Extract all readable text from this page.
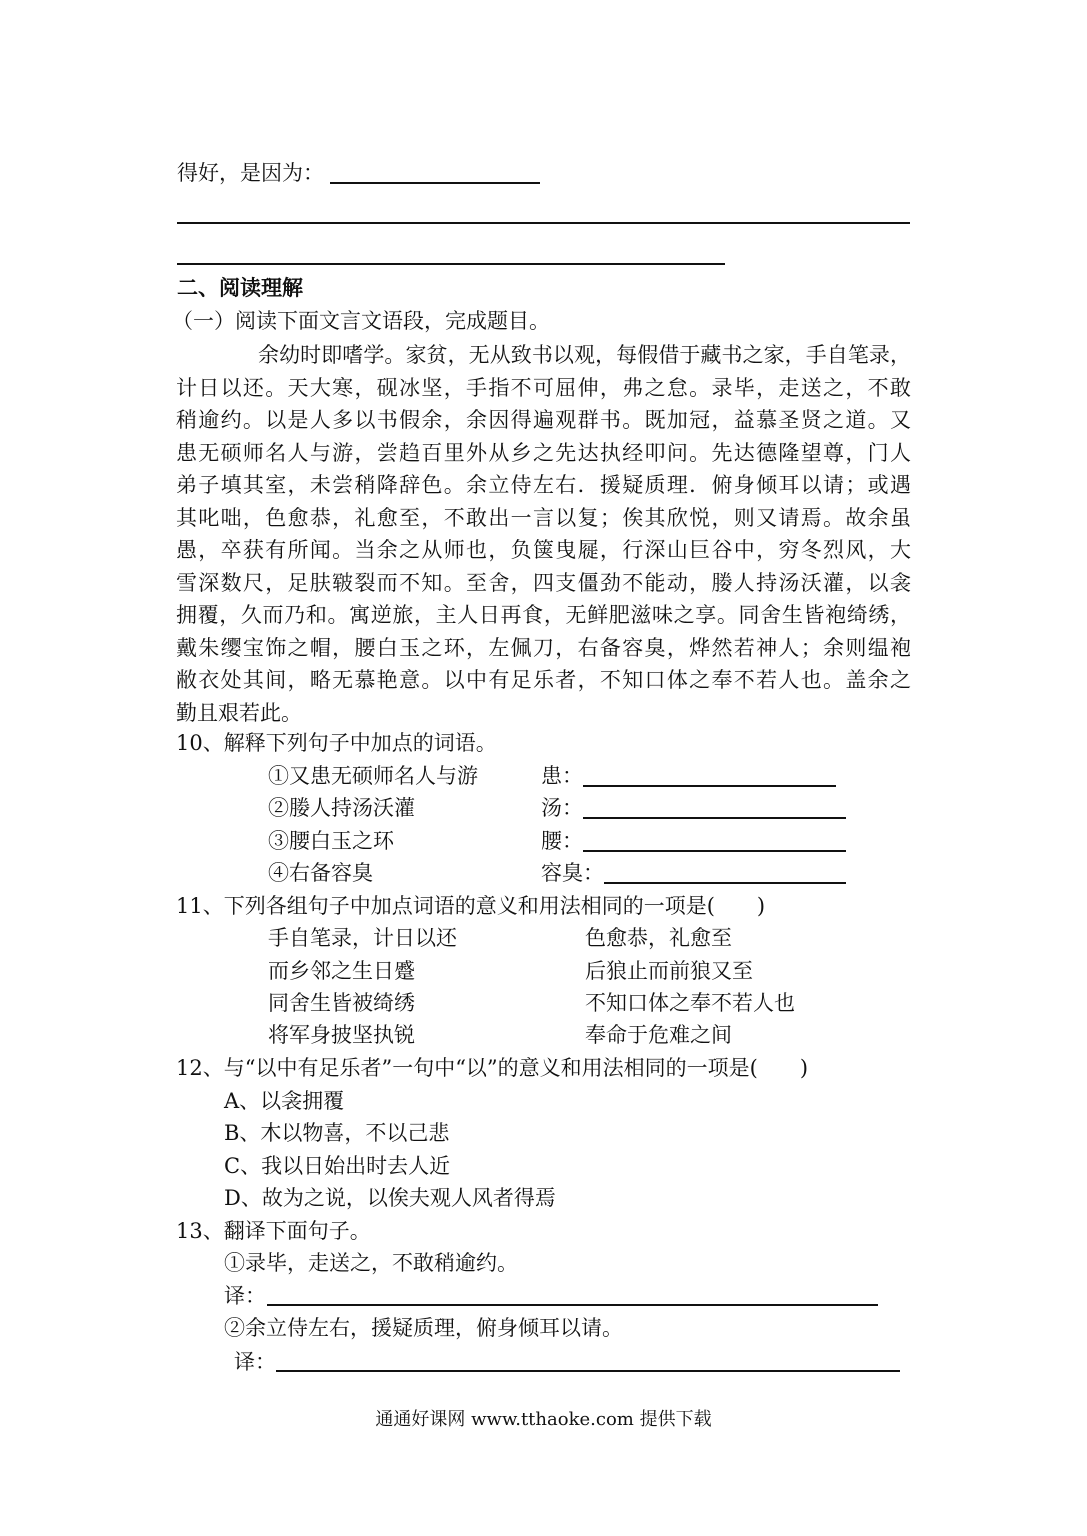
得好，是因为：
二、阅读理解
（一）阅读下面文言文语段，完成题目。
余幼时即嗜学。家贫，无从致书以观，每假借于藏书之家，手自笔录，
计日以还。天大寒，砚冰坚，手指不可屈伸，弗之怠。录毕，走送之，不敢
稍逾约。以是人多以书假余，余因得遍观群书。既加冠，益慕圣贤之道。又
患无硕师名人与游，尝趋百里外从乡之先达执经叩问。先达德隆望尊，门人
弟子填其室，未尝稍降辞色。余立侍左右．援疑质理．俯身倾耳以请；或遇
其叱咄，色愈恭，礼愈至，不敢出一言以复；俟其欣悦，则又请焉。故余虽
愚，卒获有所闻。当余之从师也，负箧曳屣，行深山巨谷中，穷冬烈风，大
雪深数尺，足肤皲裂而不知。至舍，四支僵劲不能动，媵人持汤沃灌，以衾
拥覆，久而乃和。寓逆旅，主人日再食，无鲜肥滋味之享。同舍生皆袍绮绣，
戴朱缨宝饰之帽，腰白玉之环，左佩刀，右备容臭，烨然若神人；余则缊袍
敝衣处其间，略无慕艳意。以中有足乐者，不知口体之奉不若人也。盖余之
勤且艰若此。
10、解释下列句子中加点的词语。
①又患无硕师名人与游	患：
②媵人持汤沃灌	汤：
③腰白玉之环	腰：
④右备容臭	容臭：
11、下列各组句子中加点词语的意义和用法相同的一项是(　　)
手自笔录，计日以还	色愈恭，礼愈至
而乡邻之生日蹙	后狼止而前狼又至
同舍生皆被绮绣	不知口体之奉不若人也
将军身披坚执锐	奉命于危难之间
12、与“以中有足乐者”一句中“以”的意义和用法相同的一项是(　　)
A、以衾拥覆
B、木以物喜，不以己悲
C、我以日始出时去人近
D、故为之说，以俟夫观人风者得焉
13、翻译下面句子。
①录毕，走送之，不敢稍逾约。
译：
②余立侍左右，援疑质理，俯身倾耳以请。
译：
通通好课网 www.tthaoke.com 提供下载
